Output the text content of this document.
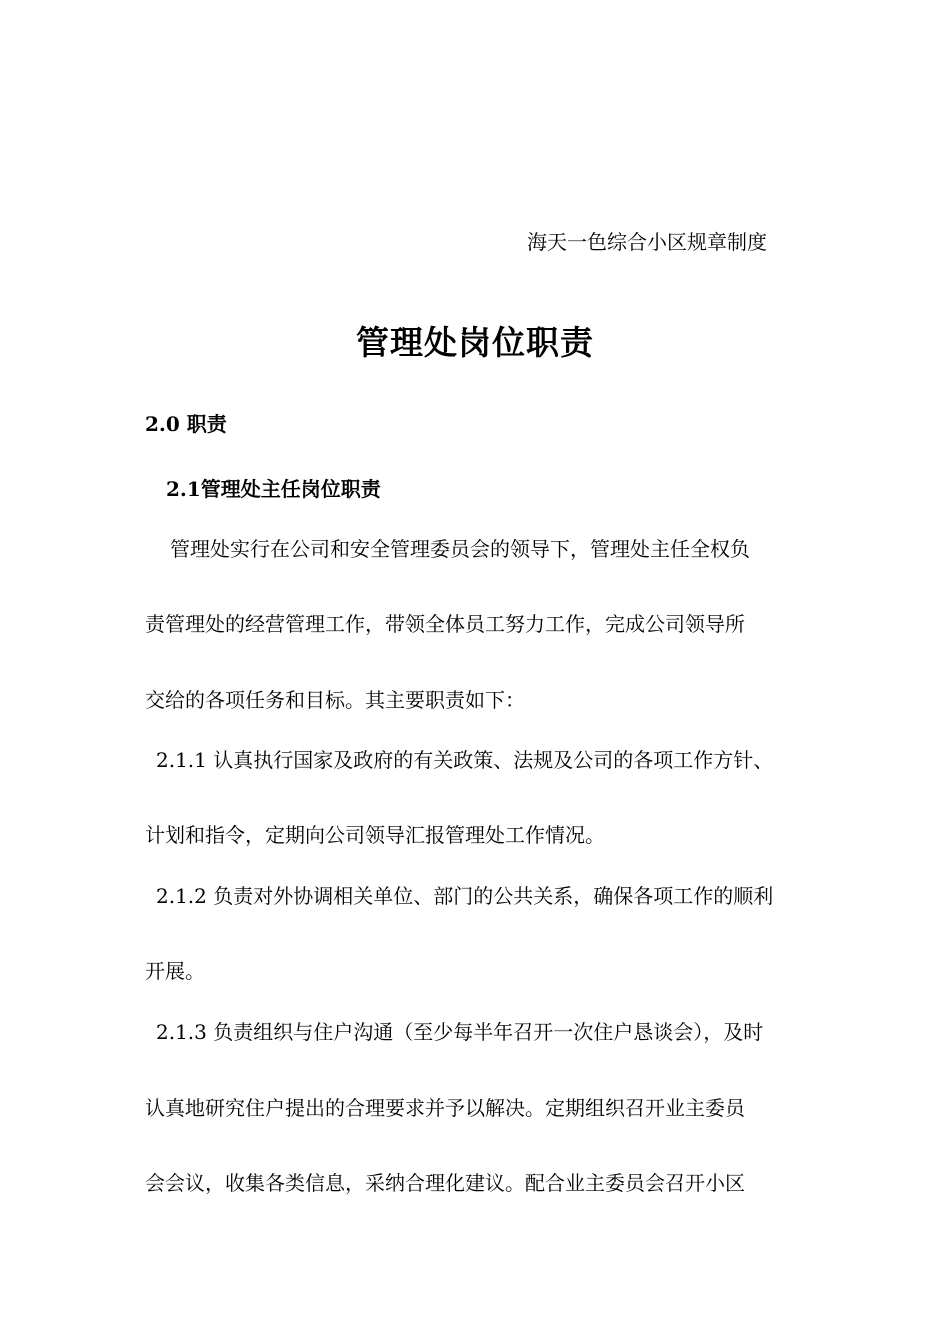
海天一色综合小区规章制度
管理处岗位职责
2.0 职责
2.1管理处主任岗位职责
管理处实行在公司和安全管理委员会的领导下，管理处主任全权负
责管理处的经营管理工作，带领全体员工努力工作，完成公司领导所
交给的各项任务和目标。其主要职责如下：
2.1.1 认真执行国家及政府的有关政策、法规及公司的各项工作方针、
计划和指令，定期向公司领导汇报管理处工作情况。
2.1.2 负责对外协调相关单位、部门的公共关系，确保各项工作的顺利
开展。
2.1.3 负责组织与住户沟通（至少每半年召开一次住户恳谈会），及时
认真地研究住户提出的合理要求并予以解决。定期组织召开业主委员
会会议，收集各类信息，采纳合理化建议。配合业主委员会召开小区
